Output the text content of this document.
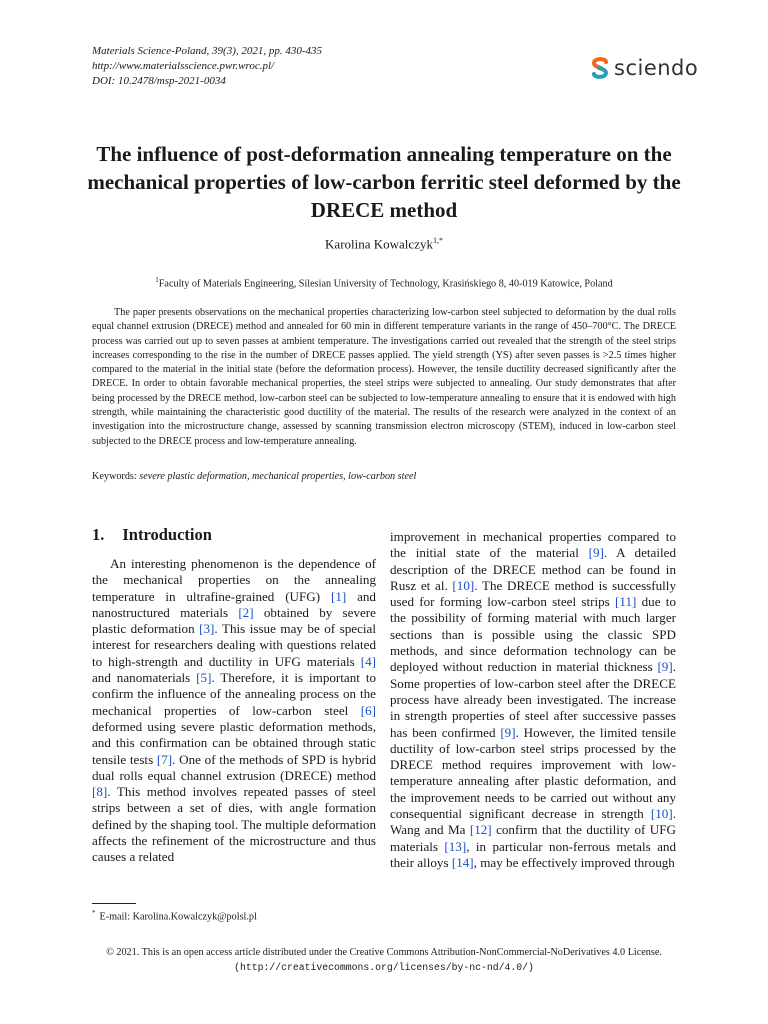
Materials Science-Poland, 39(3), 2021, pp. 430-435
http://www.materialsscience.pwr.wroc.pl/
DOI: 10.2478/msp-2021-0034
sciendo
The influence of post-deformation annealing temperature on the mechanical properties of low-carbon ferritic steel deformed by the DRECE method
Karolina Kowalczyk$^{1,*}$
$^1$Faculty of Materials Engineering, Silesian University of Technology, Krasińskiego 8, 40-019 Katowice, Poland

The paper presents observations on the mechanical properties characterizing low-carbon steel subjected to deformation by the dual rolls equal channel extrusion (DRECE) method and annealed for 60 min in different temperature variants in the range of 450–700°C. The DRECE process was carried out up to seven passes at ambient temperature. The investigations carried out revealed that the strength of the steel strips increases corresponding to the rise in the number of DRECE passes applied. The yield strength (YS) after seven passes is >2.5 times higher compared to the material in the initial state (before the deformation process). However, the tensile ductility decreased significantly after the DRECE. In order to obtain favorable mechanical properties, the steel strips were subjected to annealing. Our study demonstrates that after being processed by the DRECE method, low-carbon steel can be subjected to low-temperature annealing to ensure that it is endowed with high strength, while maintaining the characteristic good ductility of the material. The results of the research were analyzed in the context of an investigation into the microstructure change, assessed by scanning transmission electron microscopy (STEM), induced in low-carbon steel subjected to the DRECE process and low-temperature annealing.

Keywords: severe plastic deformation, mechanical properties, low-carbon steel
1. Introduction

An interesting phenomenon is the dependence of the mechanical properties on the annealing temperature in ultrafine-grained (UFG) [1] and nanostructured materials [2] obtained by severe plastic deformation [3]. This issue may be of special interest for researchers dealing with questions related to high-strength and ductility in UFG materials [4] and nanomaterials [5]. Therefore, it is important to confirm the influence of the annealing process on the mechanical properties of low-carbon steel [6] deformed using severe plastic deformation methods, and this confirmation can be obtained through static tensile tests [7]. One of the methods of SPD is hybrid dual rolls equal channel extrusion (DRECE) method [8]. This method involves repeated passes of steel strips between a set of dies, with angle formation defined by the shaping tool. The multiple deformation affects the refinement of the microstructure and thus causes a related

improvement in mechanical properties compared to the initial state of the material [9]. A detailed description of the DRECE method can be found in Rusz et al. [10]. The DRECE method is successfully used for forming low-carbon steel strips [11] due to the possibility of forming material with much larger sections than is possible using the classic SPD methods, and since deformation technology can be deployed without reduction in material thickness [9]. Some properties of low-carbon steel after the DRECE process have already been investigated. The increase in strength properties of steel after successive passes has been confirmed [9]. However, the limited tensile ductility of low-carbon steel strips processed by the DRECE method requires improvement with low-temperature annealing after plastic deformation, and the improvement needs to be carried out without any consequential significant decrease in strength [10]. Wang and Ma [12] confirm that the ductility of UFG materials [13], in particular non-ferrous metals and their alloys [14], may be effectively improved through

* E-mail: Karolina.Kowalczyk@polsl.pl
© 2021. This is an open access article distributed under the Creative Commons Attribution-NonCommercial-NoDerivatives 4.0 License.
(http://creativecommons.org/licenses/by-nc-nd/4.0/)
